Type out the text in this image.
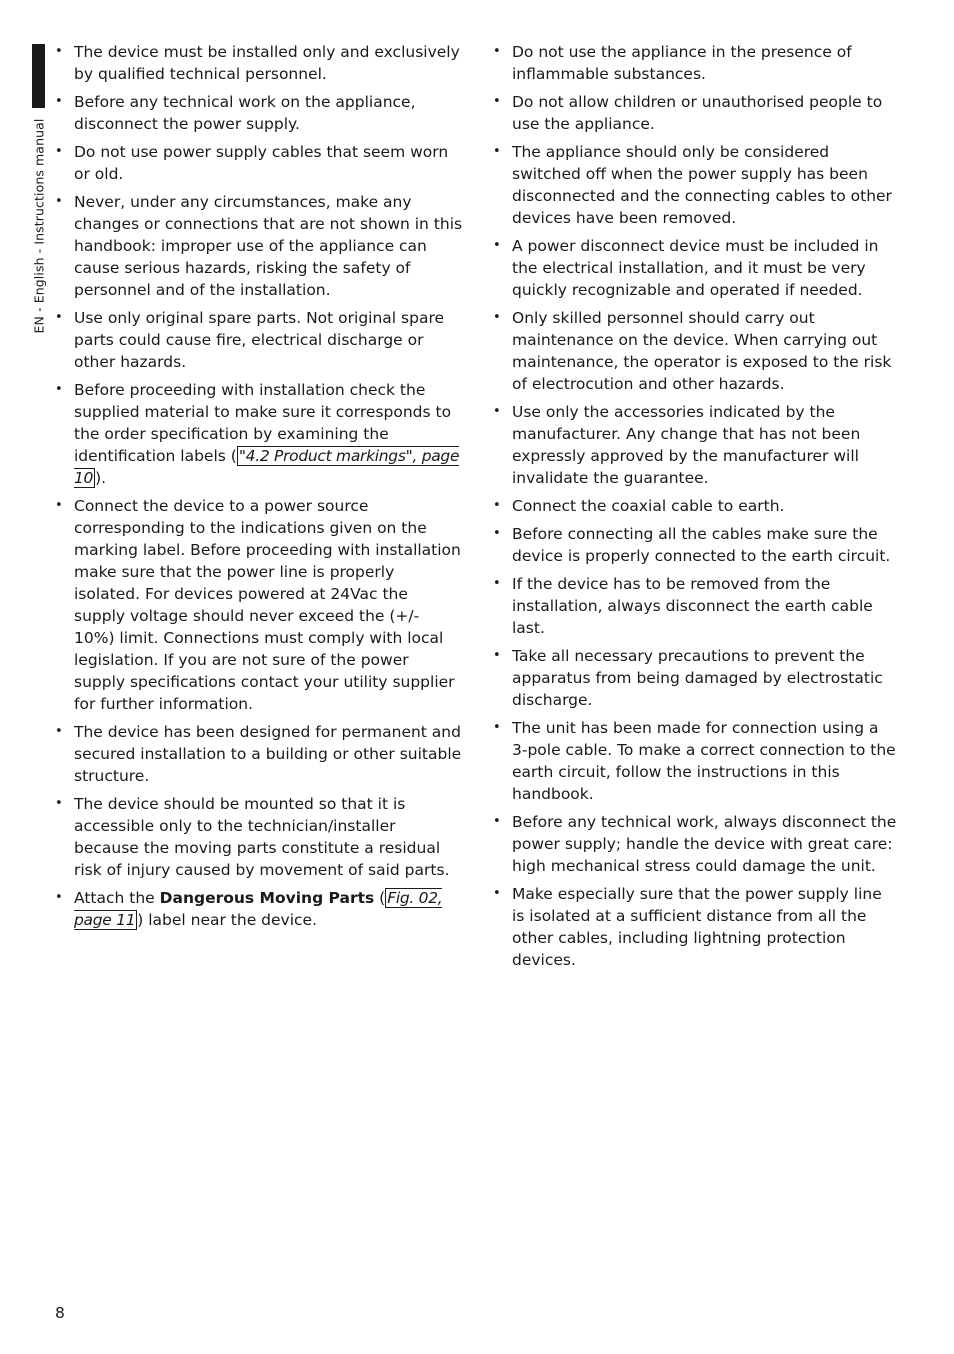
EN - English - Instructions manual
• The device must be installed only and exclusively by qualified technical personnel.
• Before any technical work on the appliance, disconnect the power supply.
• Do not use power supply cables that seem worn or old.
• Never, under any circumstances, make any changes or connections that are not shown in this handbook: improper use of the appliance can cause serious hazards, risking the safety of personnel and of the installation.
• Use only original spare parts. Not original spare parts could cause fire, electrical discharge or other hazards.
• Before proceeding with installation check the supplied material to make sure it corresponds to the order specification by examining the identification labels ( "4.2 Product markings", page 10 ).
• Connect the device to a power source corresponding to the indications given on the marking label. Before proceeding with installation make sure that the power line is properly isolated. For devices powered at 24Vac the supply voltage should never exceed the (+/- 10%) limit. Connections must comply with local legislation. If you are not sure of the power supply specifications contact your utility supplier for further information.
• The device has been designed for permanent and secured installation to a building or other suitable structure.
• The device should be mounted so that it is accessible only to the technician/installer because the moving parts constitute a residual risk of injury caused by movement of said parts.
• Attach the Dangerous Moving Parts ( Fig. 02, page 11 ) label near the device.
• Do not use the appliance in the presence of inflammable substances.
• Do not allow children or unauthorised people to use the appliance.
• The appliance should only be considered switched off when the power supply has been disconnected and the connecting cables to other devices have been removed.
• A power disconnect device must be included in the electrical installation, and it must be very quickly recognizable and operated if needed.
• Only skilled personnel should carry out maintenance on the device. When carrying out maintenance, the operator is exposed to the risk of electrocution and other hazards.
• Use only the accessories indicated by the manufacturer. Any change that has not been expressly approved by the manufacturer will invalidate the guarantee.
• Connect the coaxial cable to earth.
• Before connecting all the cables make sure the device is properly connected to the earth circuit.
• If the device has to be removed from the installation, always disconnect the earth cable last.
• Take all necessary precautions to prevent the apparatus from being damaged by electrostatic discharge.
• The unit has been made for connection using a 3-pole cable. To make a correct connection to the earth circuit, follow the instructions in this handbook.
• Before any technical work, always disconnect the power supply; handle the device with great care: high mechanical stress could damage the unit.
• Make especially sure that the power supply line is isolated at a sufficient distance from all the other cables, including lightning protection devices.
8
